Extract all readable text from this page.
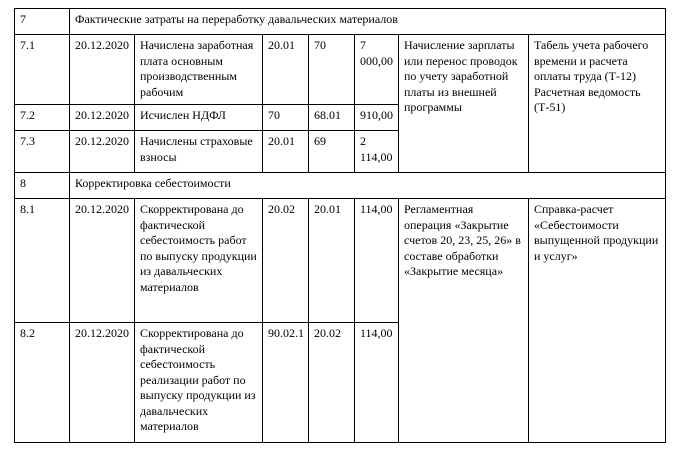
7	Фактические затраты на переработку давальческих материалов						
7.1	20.12.2020	Начислена заработная плата основным производственным рабочим	20.01	70	7 000,00	Начисление зарплаты или перенос проводок по учету заработной платы из внешней программы	Табель учета рабочего времени и расчета оплаты труда (Т-12) Расчетная ведомость (Т-51)
7.2	20.12.2020	Исчислен НДФЛ	70	68.01	910,00		
7.3	20.12.2020	Начислены страховые взносы	20.01	69	2 114,00		
8	Корректировка себестоимости						
8.1	20.12.2020	Скорректирована до фактической себестоимость работ по выпуску продукции из давальческих материалов	20.02	20.01	114,00	Регламентная операция «Закрытие счетов 20, 23, 25, 26» в составе обработки «Закрытие месяца»	Справка-расчет «Себестоимости выпущенной продукции и услуг»
8.2	20.12.2020	Скорректирована до фактической себестоимость реализации работ по выпуску продукции из давальческих материалов	90.02.1	20.02	114,00		
